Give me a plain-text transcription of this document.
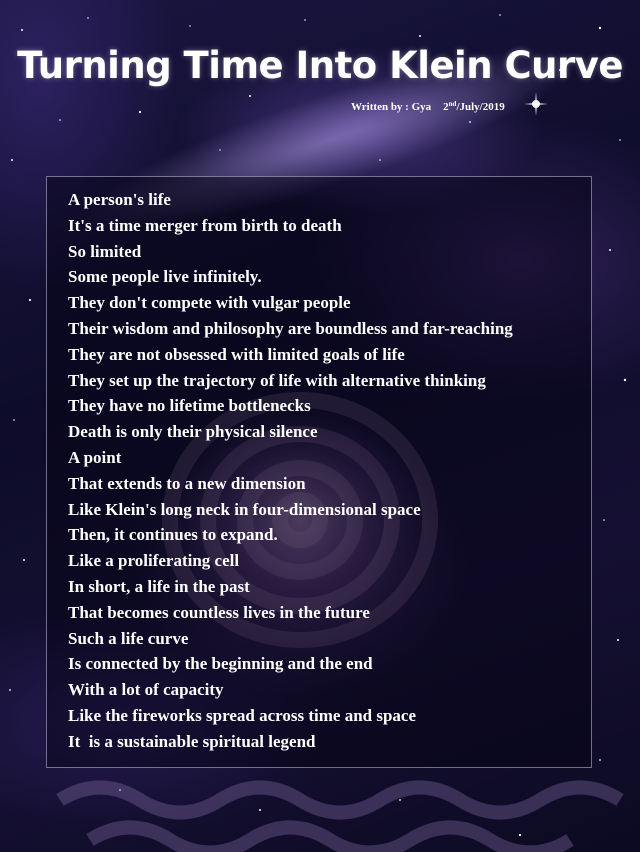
Turning Time Into Klein Curve
Written by : Gya 2nd/July/2019
A person's life
It's a time merger from birth to death
So limited
Some people live infinitely.
They don't compete with vulgar people
Their wisdom and philosophy are boundless and far-reaching
They are not obsessed with limited goals of life
They set up the trajectory of life with alternative thinking
They have no lifetime bottlenecks
Death is only their physical silence
A point
That extends to a new dimension
Like Klein's long neck in four-dimensional space
Then, it continues to expand.
Like a proliferating cell
In short, a life in the past
That becomes countless lives in the future
Such a life curve
Is connected by the beginning and the end
With a lot of capacity
Like the fireworks spread across time and space
It  is a sustainable spiritual legend
